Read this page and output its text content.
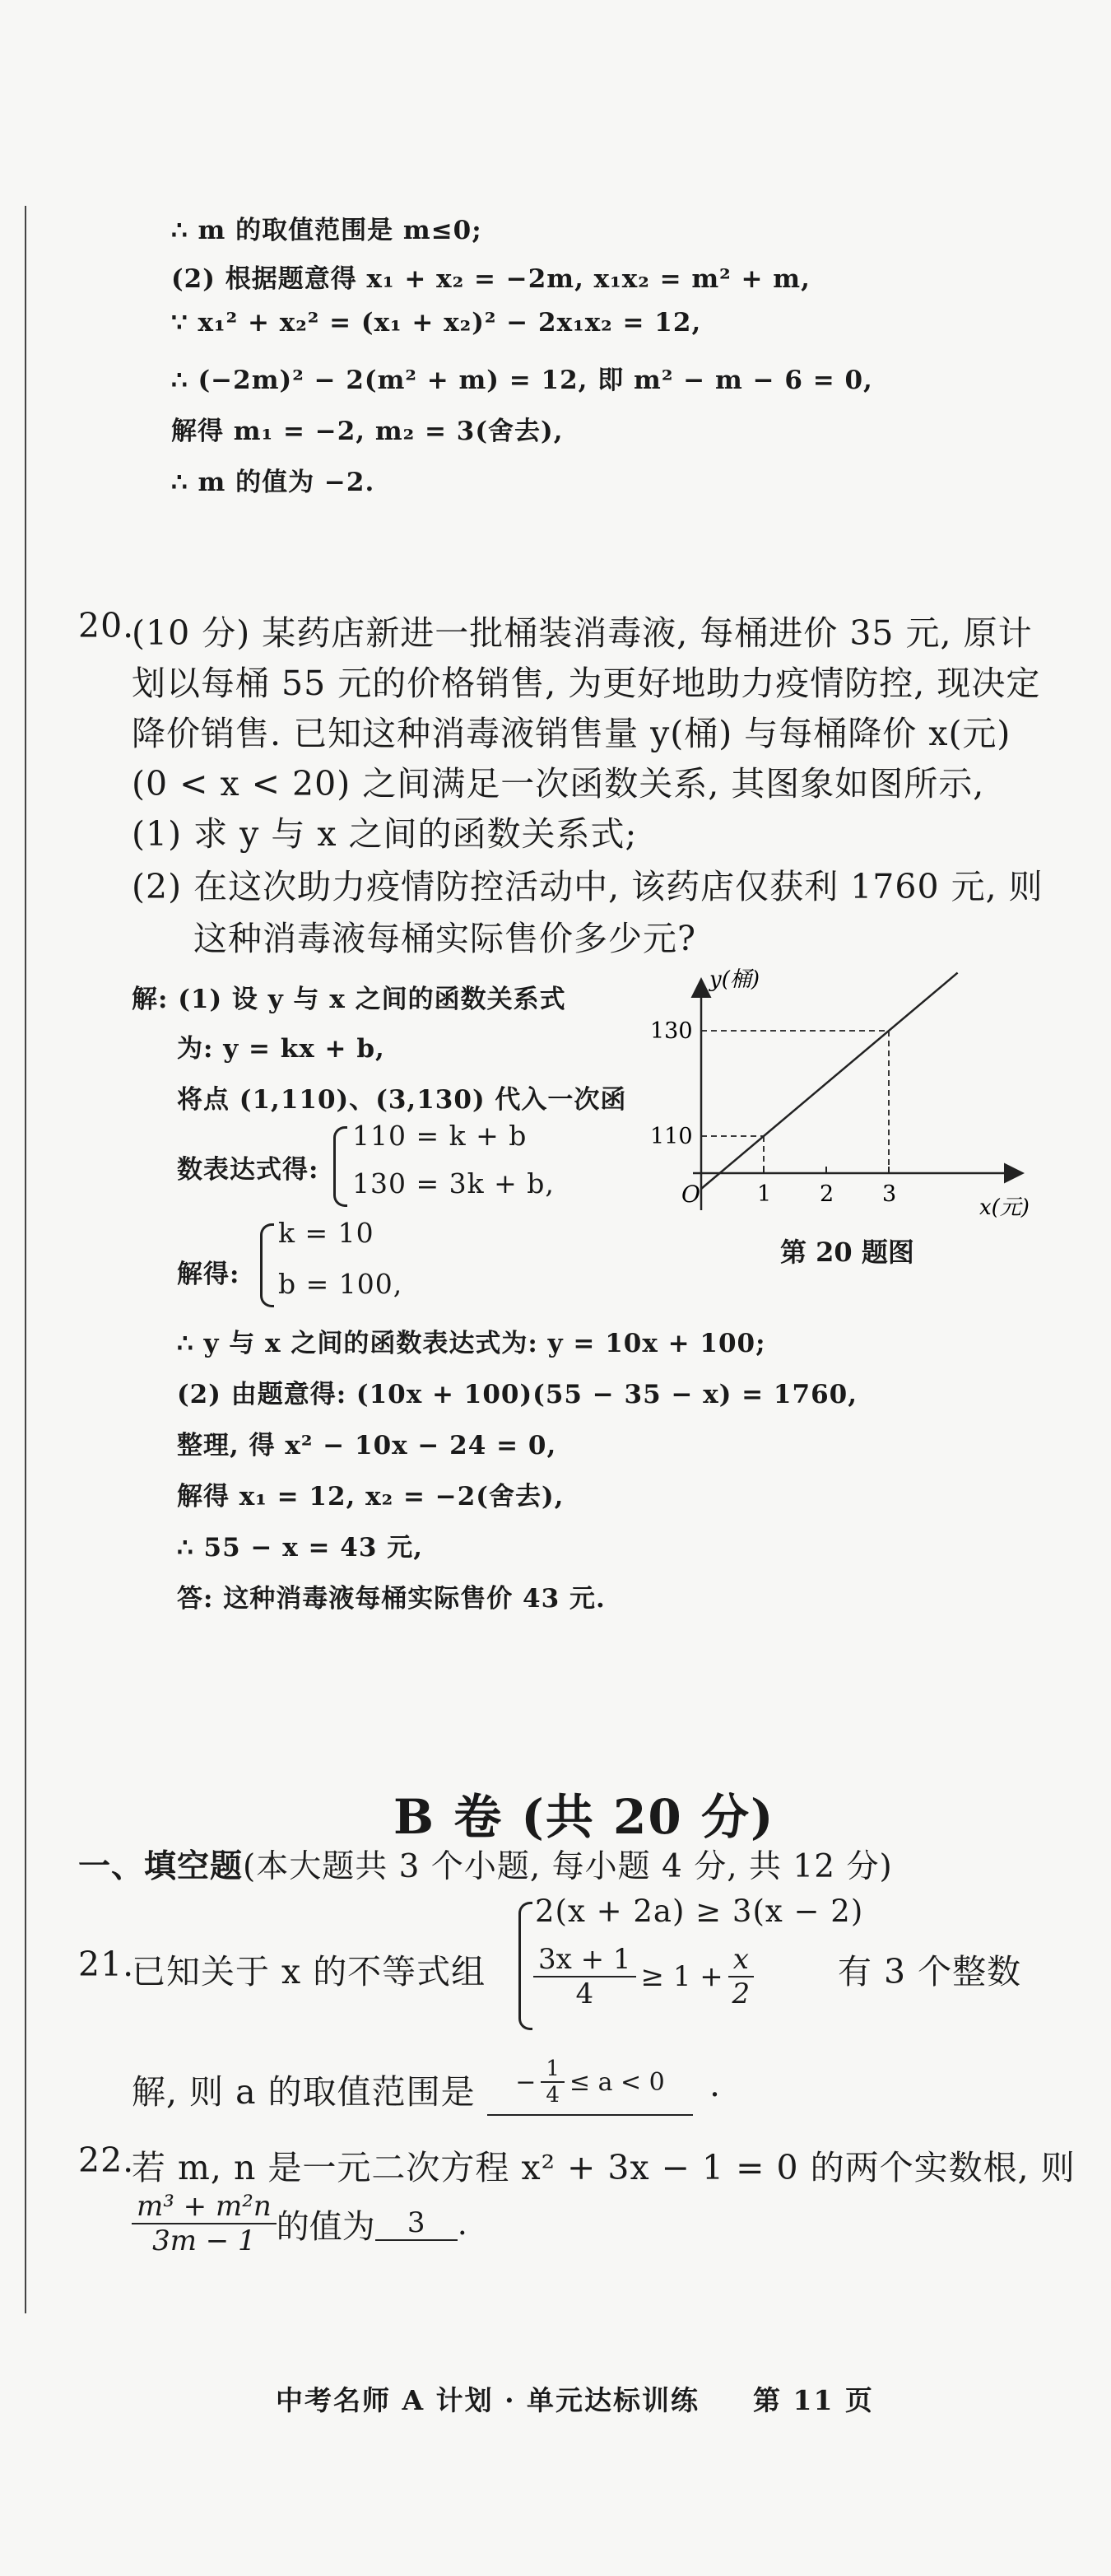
∴ m 的取值范围是 m≤0;
(2) 根据题意得 x₁ + x₂ = −2m, x₁x₂ = m² + m,
∵ x₁² + x₂² = (x₁ + x₂)² − 2x₁x₂ = 12,
∴ (−2m)² − 2(m² + m) = 12, 即 m² − m − 6 = 0,
解得 m₁ = −2, m₂ = 3(舍去),
∴ m 的值为 −2.
20.
(10 分) 某药店新进一批桶装消毒液, 每桶进价 35 元, 原计
划以每桶 55 元的价格销售, 为更好地助力疫情防控, 现决定
降价销售. 已知这种消毒液销售量 y(桶) 与每桶降价 x(元)
(0 < x < 20) 之间满足一次函数关系, 其图象如图所示,
(1) 求 y 与 x 之间的函数关系式;
(2) 在这次助力疫情防控活动中, 该药店仅获利 1760 元, 则
这种消毒液每桶实际售价多少元?
解: (1) 设 y 与 x 之间的函数关系式
为: y = kx + b,
将点 (1,110)、(3,130) 代入一次函
数表达式得:
110 = k + b
130 = 3k + b,
解得:
k = 10
b = 100,
∴ y 与 x 之间的函数表达式为: y = 10x + 100;
(2) 由题意得: (10x + 100)(55 − 35 − x) = 1760,
整理, 得 x² − 10x − 24 = 0,
解得 x₁ = 12, x₂ = −2(舍去),
∴ 55 − x = 43 元,
答: 这种消毒液每桶实际售价 43 元.
y(桶)
x(元)
O
130
110
1 2 3
第 20 题图
B 卷 (共 20 分)
一、填空题(本大题共 3 个小题, 每小题 4 分, 共 12 分)
21.
已知关于 x 的不等式组
2(x + 2a) ≥ 3(x − 2)
$\frac{3x + 1}{4} \ge 1 + \frac{x}{2}$ 有 3 个整数
解, 则 a 的取值范围是 − $\frac{1}{4} \le a < 0$ .
22.
若 m, n 是一元二次方程 x² + 3x − 1 = 0 的两个实数根, 则
$\frac{\text{m³ + m²n}}{3m - 1}$ 的值为	3	.
中考名师 A 计划 · 单元达标训练 第 11 页
